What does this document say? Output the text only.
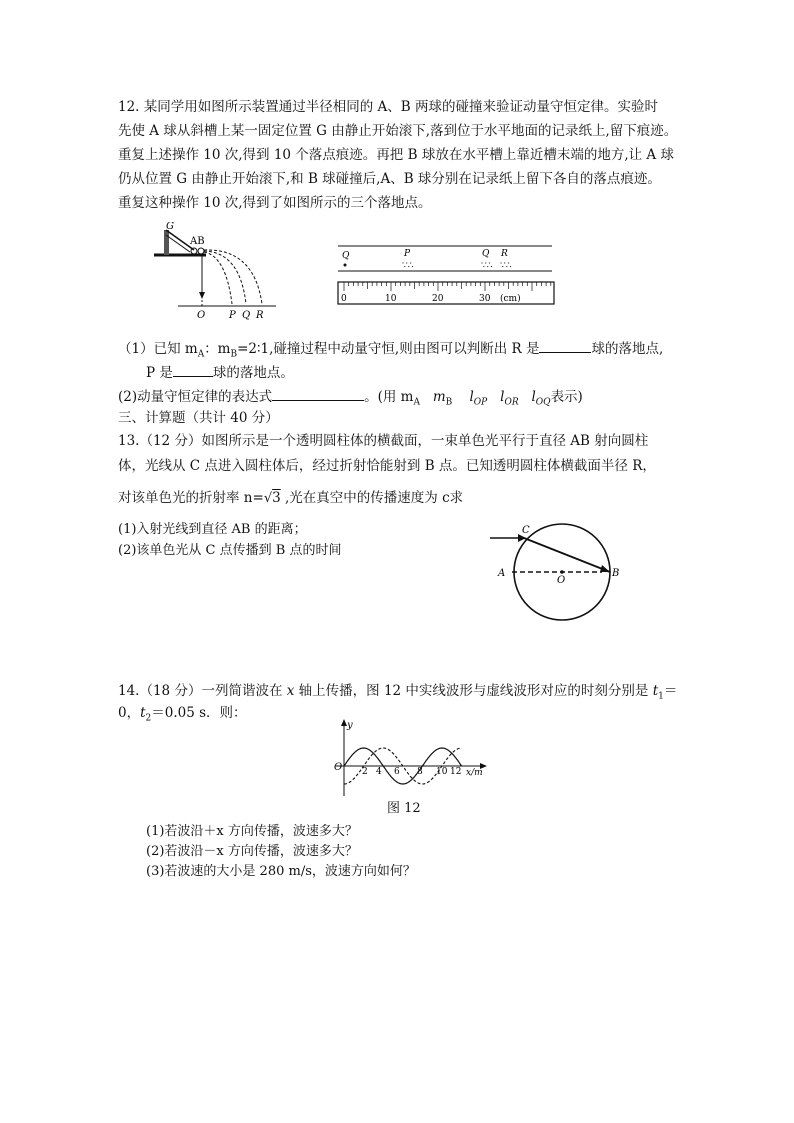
12. 某同学用如图所示装置通过半径相同的 A、B 两球的碰撞来验证动量守恒定律。实验时
先使 A 球从斜槽上某一固定位置 G 由静止开始滚下,落到位于水平地面的记录纸上,留下痕迹。
重复上述操作 10 次,得到 10 个落点痕迹。再把 B 球放在水平槽上靠近槽末端的地方,让 A 球
仍从位置 G 由静止开始滚下,和 B 球碰撞后,A、B 球分别在记录纸上留下各自的落点痕迹。
重复这种操作 10 次,得到了如图所示的三个落地点。
G
AB
O P Q R
Q	P
∵∴
Q
∵∴
R
∵∴
0	10	20	30 (cm)
（1）已知 $m_A$：$m_B=2∶1$,碰撞过程中动量守恒,则由图可以判断出 R 是	球的落地点,
P 是	球的落地点。
(2)动量守恒定律的表达式	。(用 $m_A$ $m_B$ $l_{OP}$ $l_{OR}$ $l_{OQ}$表示)
三、计算题（共计 40 分）
13.（12 分）如图所示是一个透明圆柱体的横截面，一束单色光平行于直径 AB 射向圆柱
体，光线从 C 点进入圆柱体后，经过折射恰能射到 B 点。已知透明圆柱体横截面半径 R，
对该单色光的折射率 n=√3 ,光在真空中的传播速度为 c求
(1)入射光线到直径 AB 的距离；
(2)该单色光从 C 点传播到 B 点的时间
C
A
O
B
14.（18 分）一列简谐波在 x 轴上传播，图 12 中实线波形与虚线波形对应的时刻分别是 $t_1=$
0，$t_2=0.05$ s．则：
y
O 2 4 6 8 10 12 x/m
图 12
(1)若波沿＋x 方向传播，波速多大？
(2)若波沿－x 方向传播，波速多大？
(3)若波速的大小是 280 m/s，波速方向如何？
